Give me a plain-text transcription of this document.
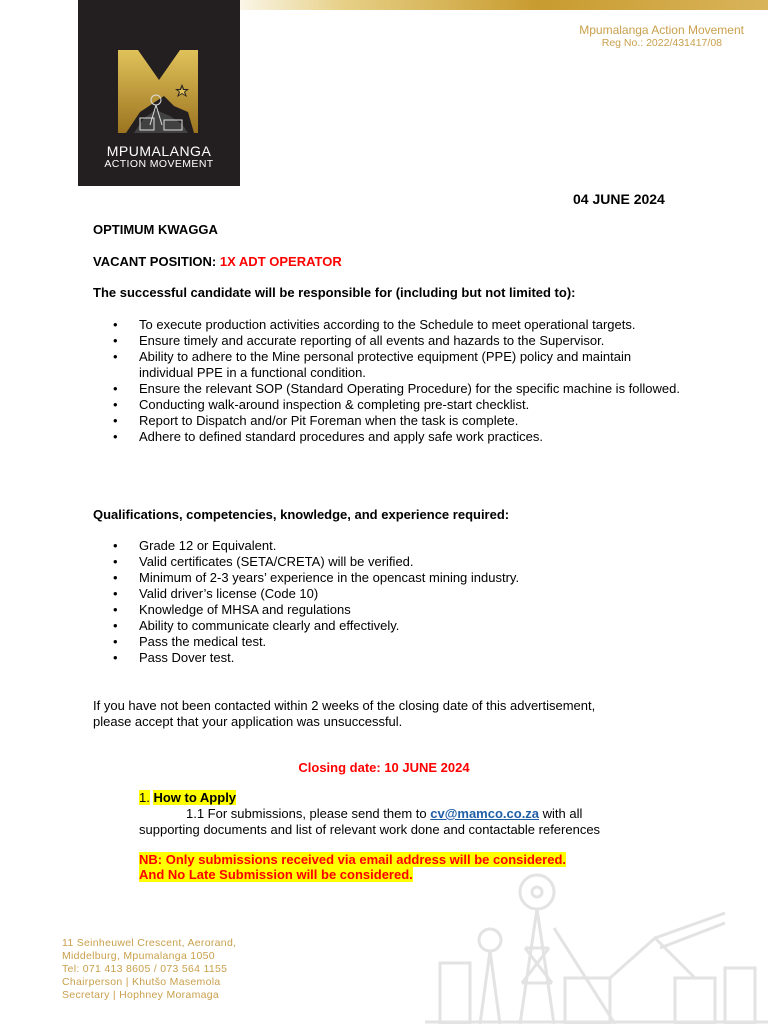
MPUMALANGA
ACTION MOVEMENT
Mpumalanga Action Movement
Reg No.: 2022/431417/08
04 JUNE 2024
OPTIMUM KWAGGA
VACANT POSITION: 1X ADT OPERATOR
The successful candidate will be responsible for (including but not limited to):
• To execute production activities according to the Schedule to meet operational targets.
• Ensure timely and accurate reporting of all events and hazards to the Supervisor.
• Ability to adhere to the Mine personal protective equipment (PPE) policy and maintain individual PPE in a functional condition.
• Ensure the relevant SOP (Standard Operating Procedure) for the specific machine is followed.
• Conducting walk-around inspection & completing pre-start checklist.
• Report to Dispatch and/or Pit Foreman when the task is complete.
• Adhere to defined standard procedures and apply safe work practices.
Qualifications, competencies, knowledge, and experience required:
• Grade 12 or Equivalent.
• Valid certificates (SETA/CRETA) will be verified.
• Minimum of 2-3 years’ experience in the opencast mining industry.
• Valid driver’s license (Code 10)
• Knowledge of MHSA and regulations
• Ability to communicate clearly and effectively.
• Pass the medical test.
• Pass Dover test.
If you have not been contacted within 2 weeks of the closing date of this advertisement,
please accept that your application was unsuccessful.
Closing date: 10 JUNE 2024
1. How to Apply
1.1 For submissions, please send them to cv@mamco.co.za with all
supporting documents and list of relevant work done and contactable references
NB: Only submissions received via email address will be considered.
And No Late Submission will be considered.
11 Seinheuwel Crescent, Aerorand,
Middelburg, Mpumalanga 1050
Tel: 071 413 8605 / 073 564 1155
Chairperson | Khutšo Masemola
Secretary | Hophney Moramaga
